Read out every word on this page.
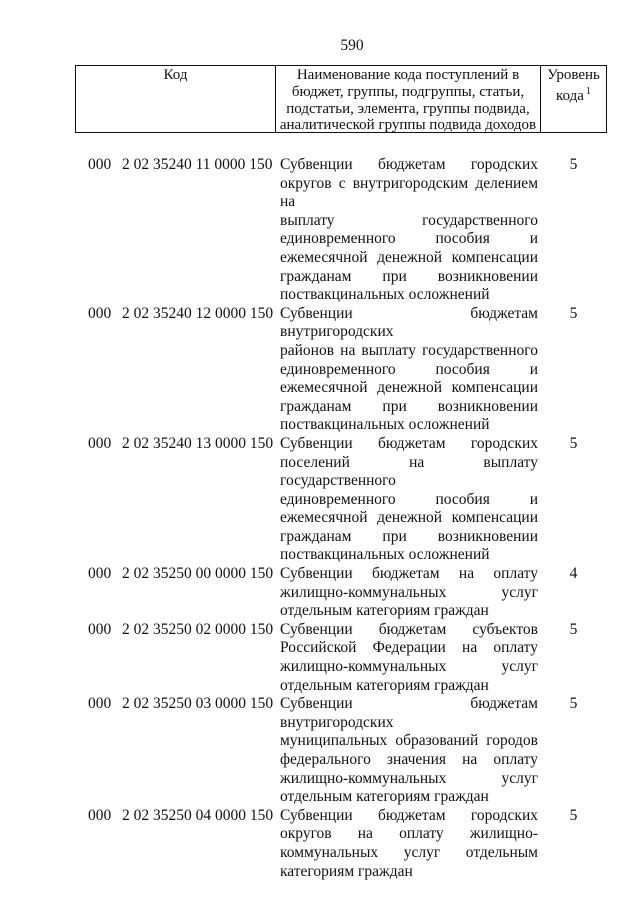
590
Код	Наименование кода поступлений в
бюджет, группы, подгруппы, статьи,
подстатьи, элемента, группы подвида,
аналитической группы подвида доходов
Уровень
кода $^1$
000 2 02 35240 11 0000 150 Субвенции бюджетам городских
округов с внутригородским делением на
выплату государственного
единовременного пособия и
ежемесячной денежной компенсации
гражданам при возникновении
поствакцинальных осложнений
5
000 2 02 35240 12 0000 150 Субвенции бюджетам внутригородских
районов на выплату государственного
единовременного пособия и
ежемесячной денежной компенсации
гражданам при возникновении
поствакцинальных осложнений
5
000 2 02 35240 13 0000 150 Субвенции бюджетам городских
поселений на выплату государственного
единовременного пособия и
ежемесячной денежной компенсации
гражданам при возникновении
поствакцинальных осложнений
5
000 2 02 35250 00 0000 150 Субвенции бюджетам на оплату
жилищно-коммунальных услуг
отдельным категориям граждан
4
000 2 02 35250 02 0000 150 Субвенции бюджетам субъектов
Российской Федерации на оплату
жилищно-коммунальных услуг
отдельным категориям граждан
5
000 2 02 35250 03 0000 150 Субвенции бюджетам внутригородских
муниципальных образований городов
федерального значения на оплату
жилищно-коммунальных услуг
отдельным категориям граждан
5
000 2 02 35250 04 0000 150 Субвенции бюджетам городских
округов на оплату жилищно-
коммунальных услуг отдельным
категориям граждан
5
